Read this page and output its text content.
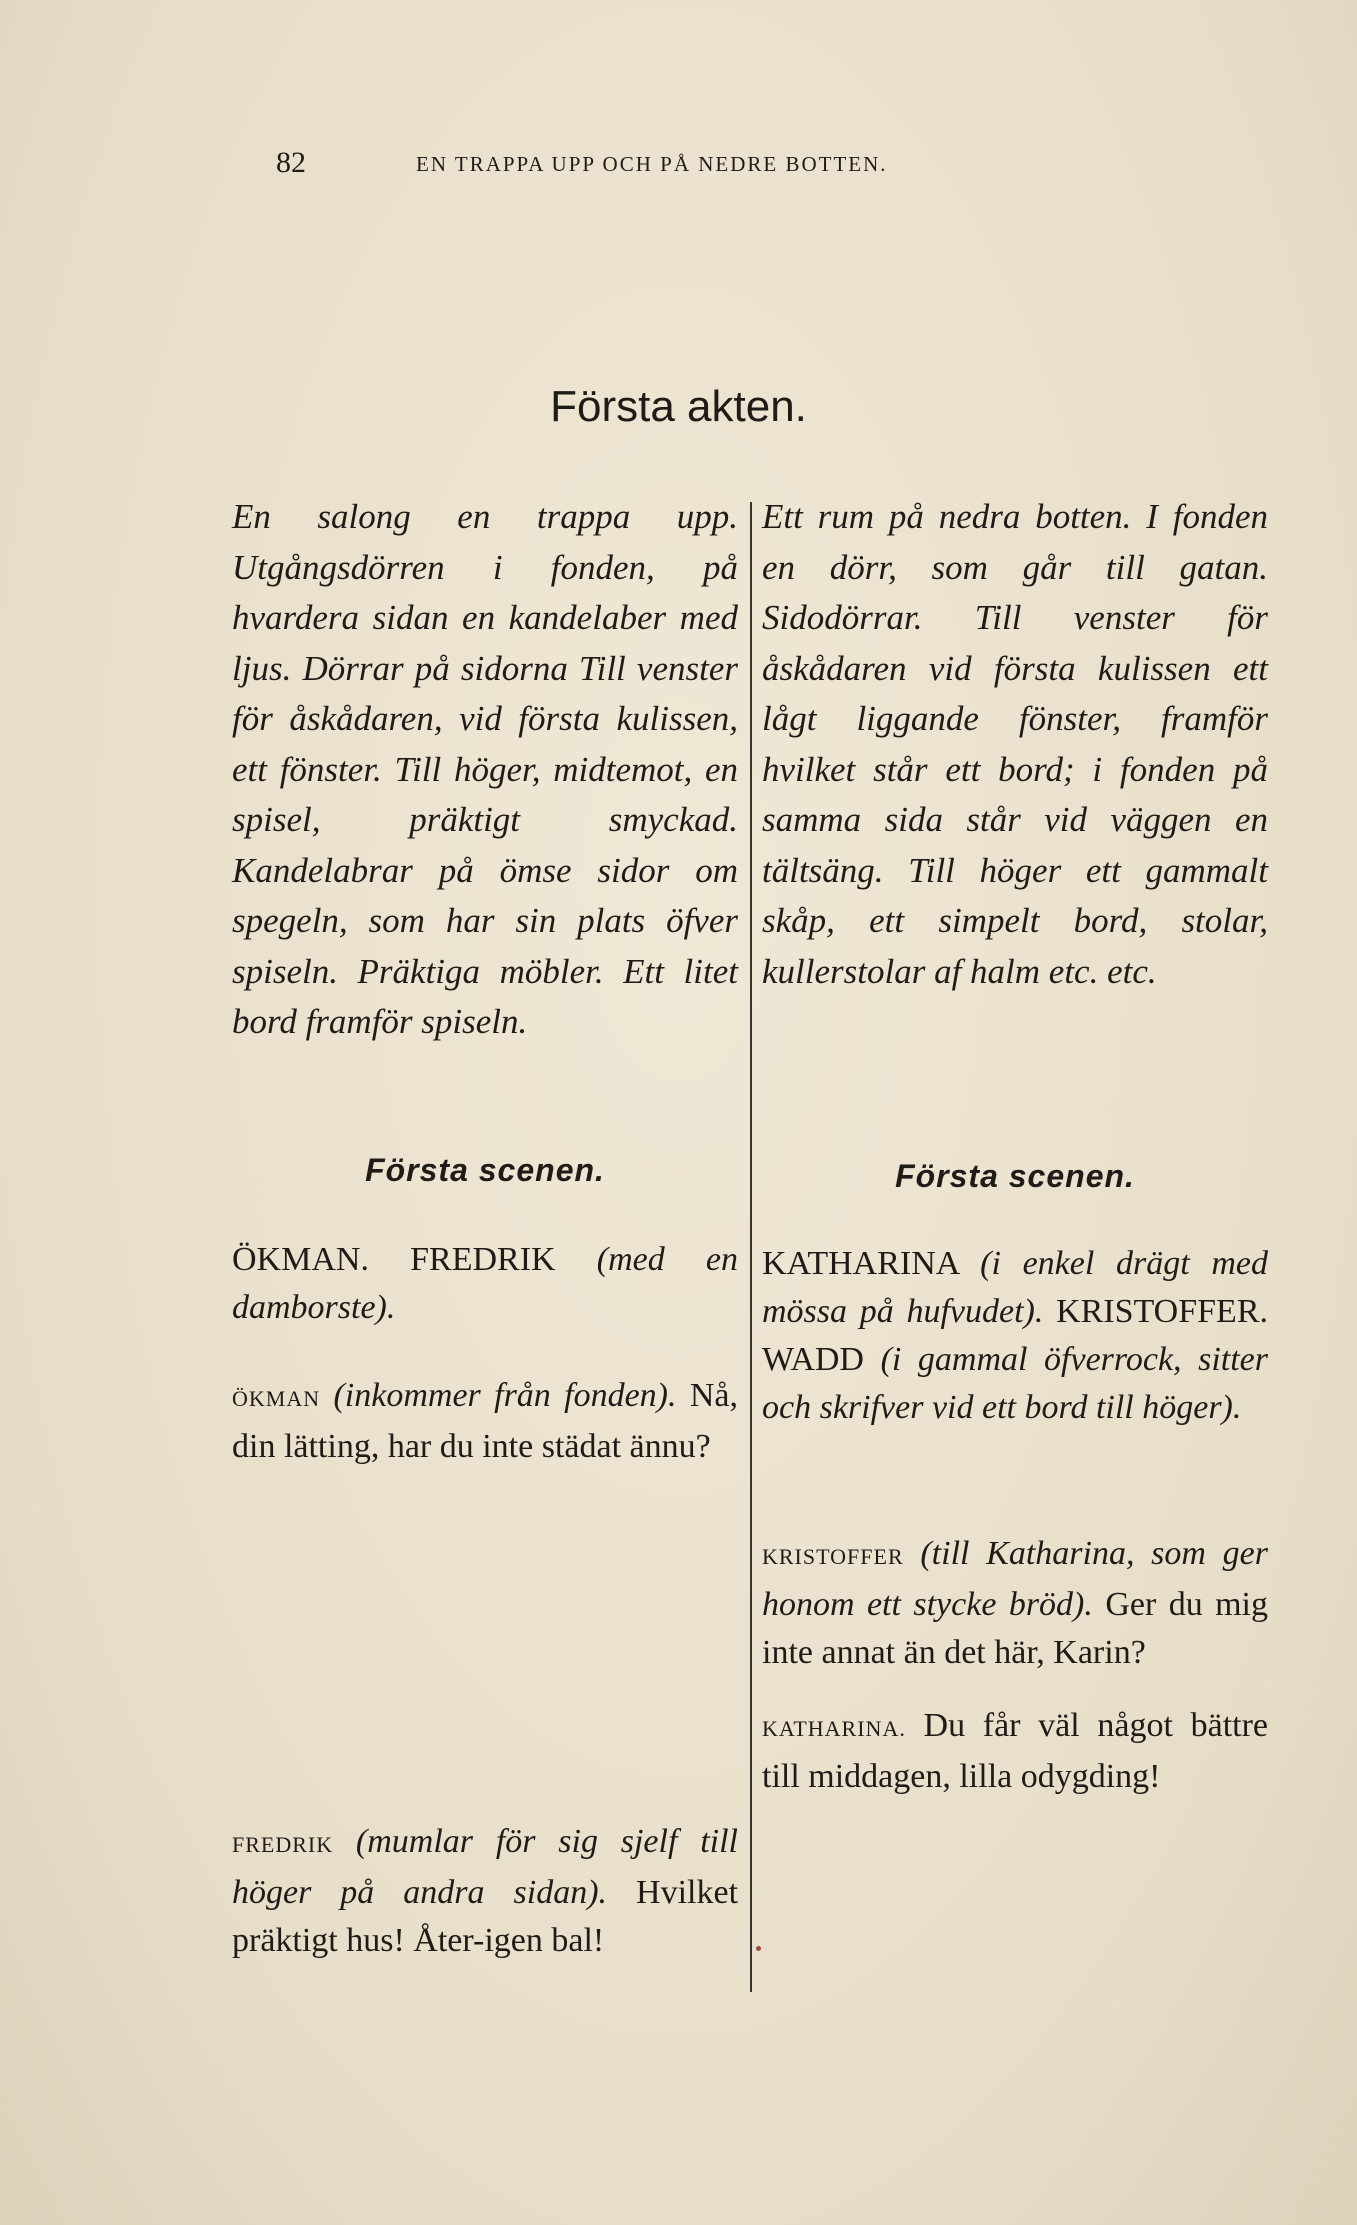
82	EN TRAPPA UPP OCH PÅ NEDRE BOTTEN.
Första akten.
En salong en trappa upp. Utgångsdörren i fonden, på hvardera sidan en kandelaber med ljus. Dörrar på sidorna Till venster för åskådaren, vid första kulissen, ett fönster. Till höger, midtemot, en spisel, präktigt smyckad. Kandelabrar på ömse sidor om spegeln, som har sin plats öfver spiseln. Präktiga möbler. Ett litet bord framför spiseln.
Första scenen.
ÖKMAN. FREDRIK (med en damborste).
ÖKMAN (inkommer från fonden). Nå, din lätting, har du inte städat ännu?
FREDRIK (mumlar för sig sjelf till höger på andra sidan). Hvilket präktigt hus! Åter-igen bal!
Ett rum på nedra botten. I fonden en dörr, som går till gatan. Sidodörrar. Till venster för åskådaren vid första kulissen ett lågt liggande fönster, framför hvilket står ett bord; i fonden på samma sida står vid väggen en tältsäng. Till höger ett gammalt skåp, ett simpelt bord, stolar, kullerstolar af halm etc. etc.
Första scenen.
KATHARINA (i enkel drägt med mössa på hufvudet). KRISTOFFER. WADD (i gammal öfverrock, sitter och skrifver vid ett bord till höger).
KRISTOFFER (till Katharina, som ger honom ett stycke bröd). Ger du mig inte annat än det här, Karin?
KATHARINA. Du får väl något bättre till middagen, lilla odygding!
